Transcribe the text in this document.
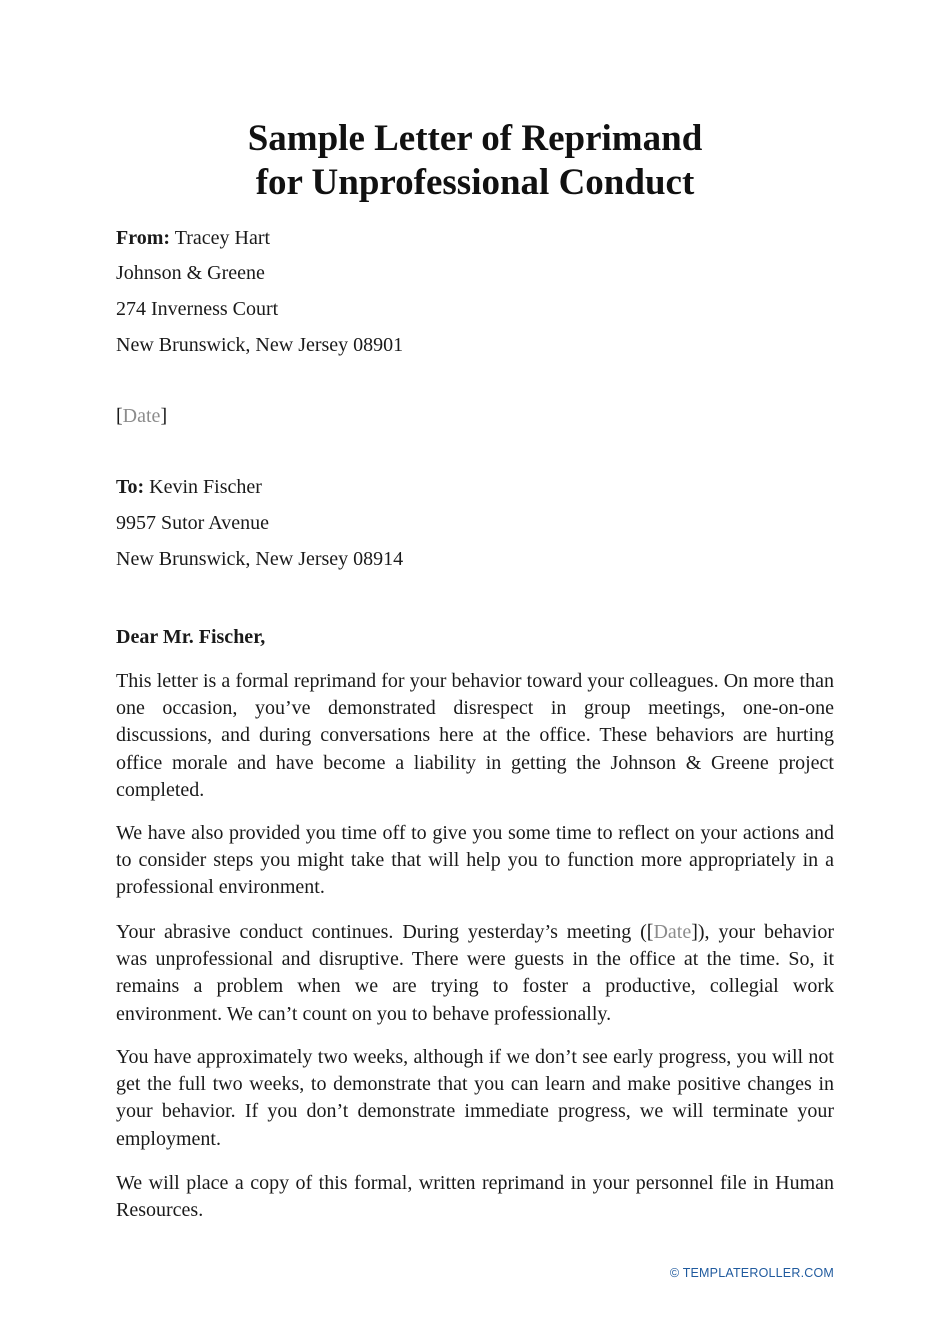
Sample Letter of Reprimand
for Unprofessional Conduct
From: Tracey Hart
Johnson & Greene
274 Inverness Court
New Brunswick, New Jersey 08901
[Date]
To: Kevin Fischer
9957 Sutor Avenue
New Brunswick, New Jersey 08914
Dear Mr. Fischer,
This letter is a formal reprimand for your behavior toward your colleagues. On more than one occasion, you’ve demonstrated disrespect in group meetings, one-on-one discussions, and during conversations here at the office. These behaviors are hurting office morale and have become a liability in getting the Johnson & Greene project completed.
We have also provided you time off to give you some time to reflect on your actions and to consider steps you might take that will help you to function more appropriately in a professional environment.
Your abrasive conduct continues. During yesterday’s meeting ([Date]), your behavior was unprofessional and disruptive. There were guests in the office at the time. So, it remains a problem when we are trying to foster a productive, collegial work environment. We can’t count on you to behave professionally.
You have approximately two weeks, although if we don’t see early progress, you will not get the full two weeks, to demonstrate that you can learn and make positive changes in your behavior. If you don’t demonstrate immediate progress, we will terminate your employment.
We will place a copy of this formal, written reprimand in your personnel file in Human Resources.
© TEMPLATEROLLER.COM
